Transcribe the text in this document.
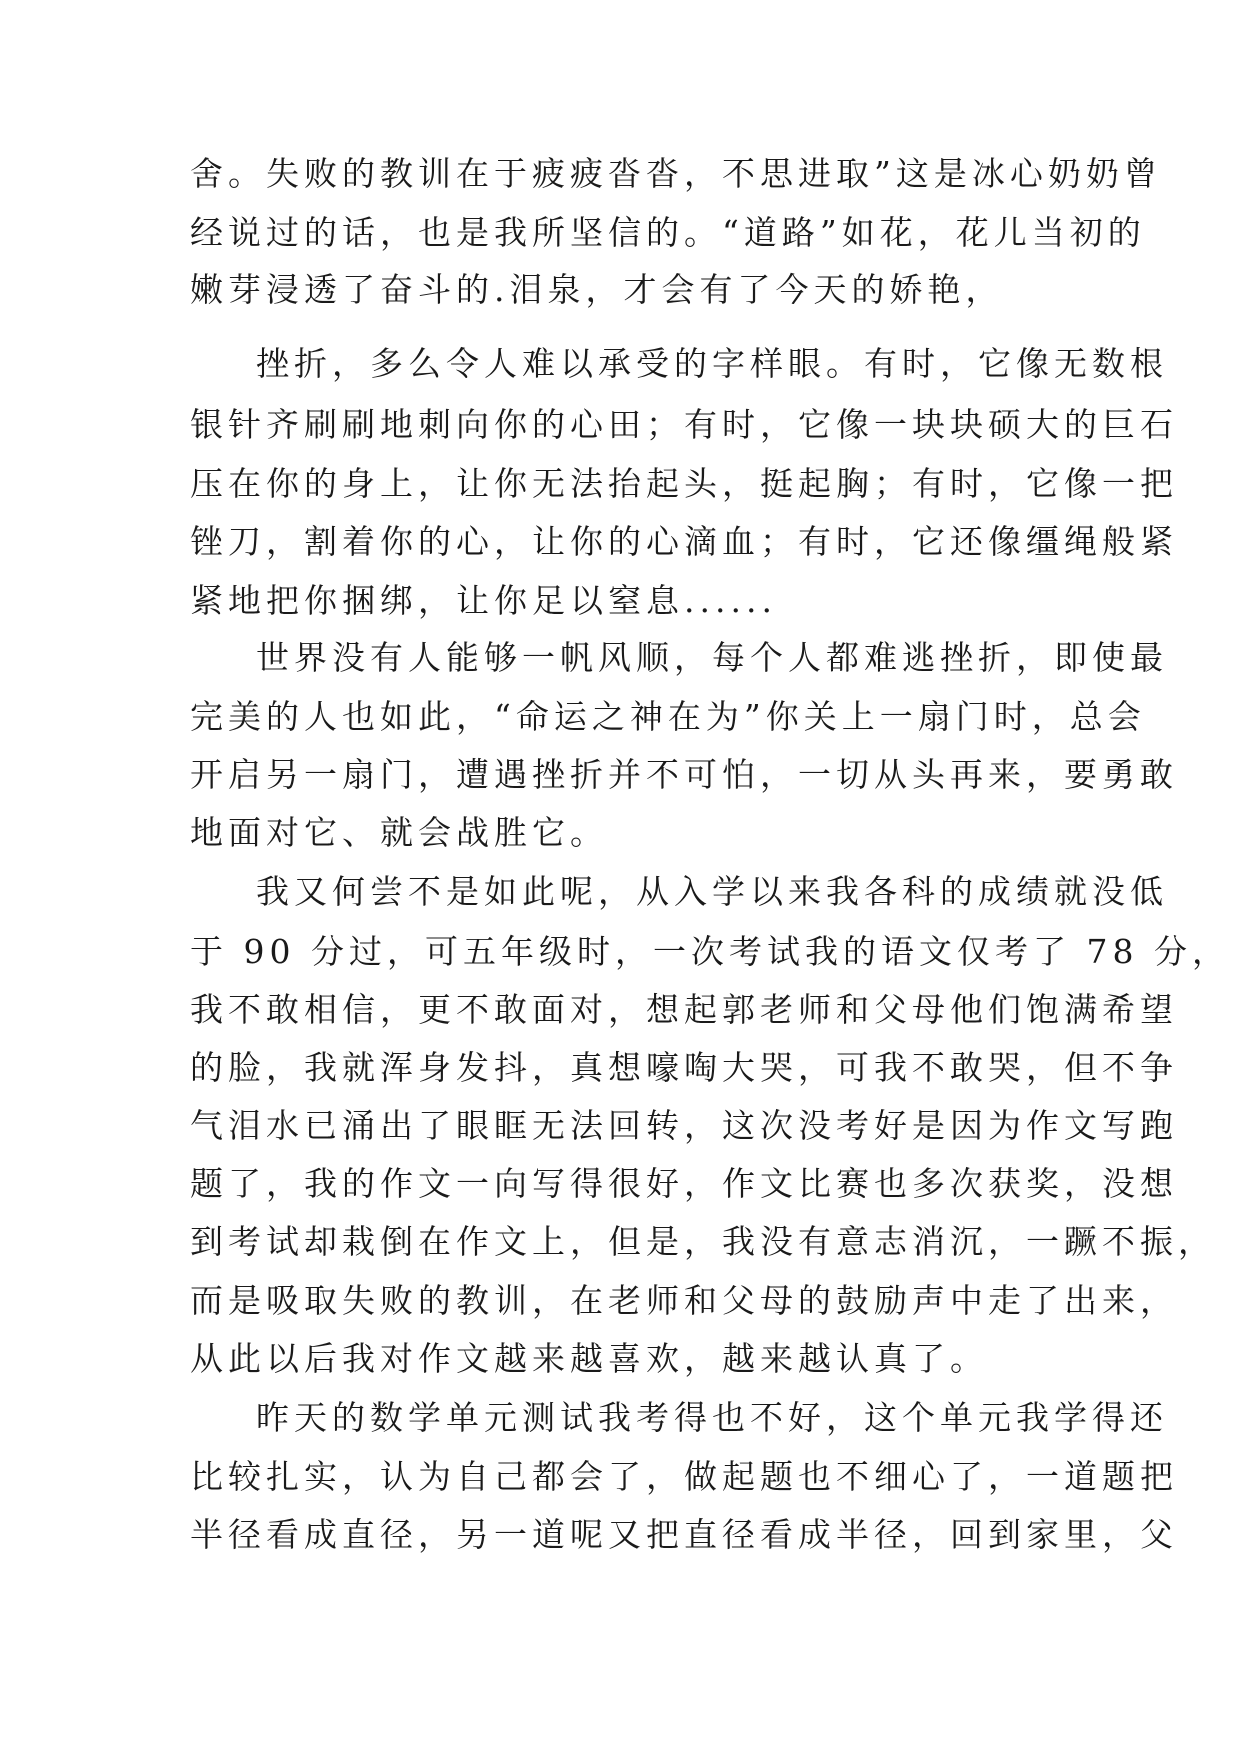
舍。失败的教训在于疲疲沓沓，不思进取”这是冰心奶奶曾
经说过的话，也是我所坚信的。“道路”如花，花儿当初的
嫩芽浸透了奋斗的.泪泉，才会有了今天的娇艳，
挫折，多么令人难以承受的字样眼。有时，它像无数根
银针齐刷刷地刺向你的心田；有时，它像一块块硕大的巨石
压在你的身上，让你无法抬起头，挺起胸；有时，它像一把
锉刀，割着你的心，让你的心滴血；有时，它还像缰绳般紧
紧地把你捆绑，让你足以窒息......
世界没有人能够一帆风顺，每个人都难逃挫折，即使最
完美的人也如此，“命运之神在为”你关上一扇门时，总会
开启另一扇门，遭遇挫折并不可怕，一切从头再来，要勇敢
地面对它、就会战胜它。
我又何尝不是如此呢，从入学以来我各科的成绩就没低
于 90 分过，可五年级时，一次考试我的语文仅考了 78 分，
我不敢相信，更不敢面对，想起郭老师和父母他们饱满希望
的脸，我就浑身发抖，真想嚎啕大哭，可我不敢哭，但不争
气泪水已涌出了眼眶无法回转，这次没考好是因为作文写跑
题了，我的作文一向写得很好，作文比赛也多次获奖，没想
到考试却栽倒在作文上，但是，我没有意志消沉，一蹶不振，
而是吸取失败的教训，在老师和父母的鼓励声中走了出来，
从此以后我对作文越来越喜欢，越来越认真了。
昨天的数学单元测试我考得也不好，这个单元我学得还
比较扎实，认为自己都会了，做起题也不细心了，一道题把
半径看成直径，另一道呢又把直径看成半径，回到家里，父
